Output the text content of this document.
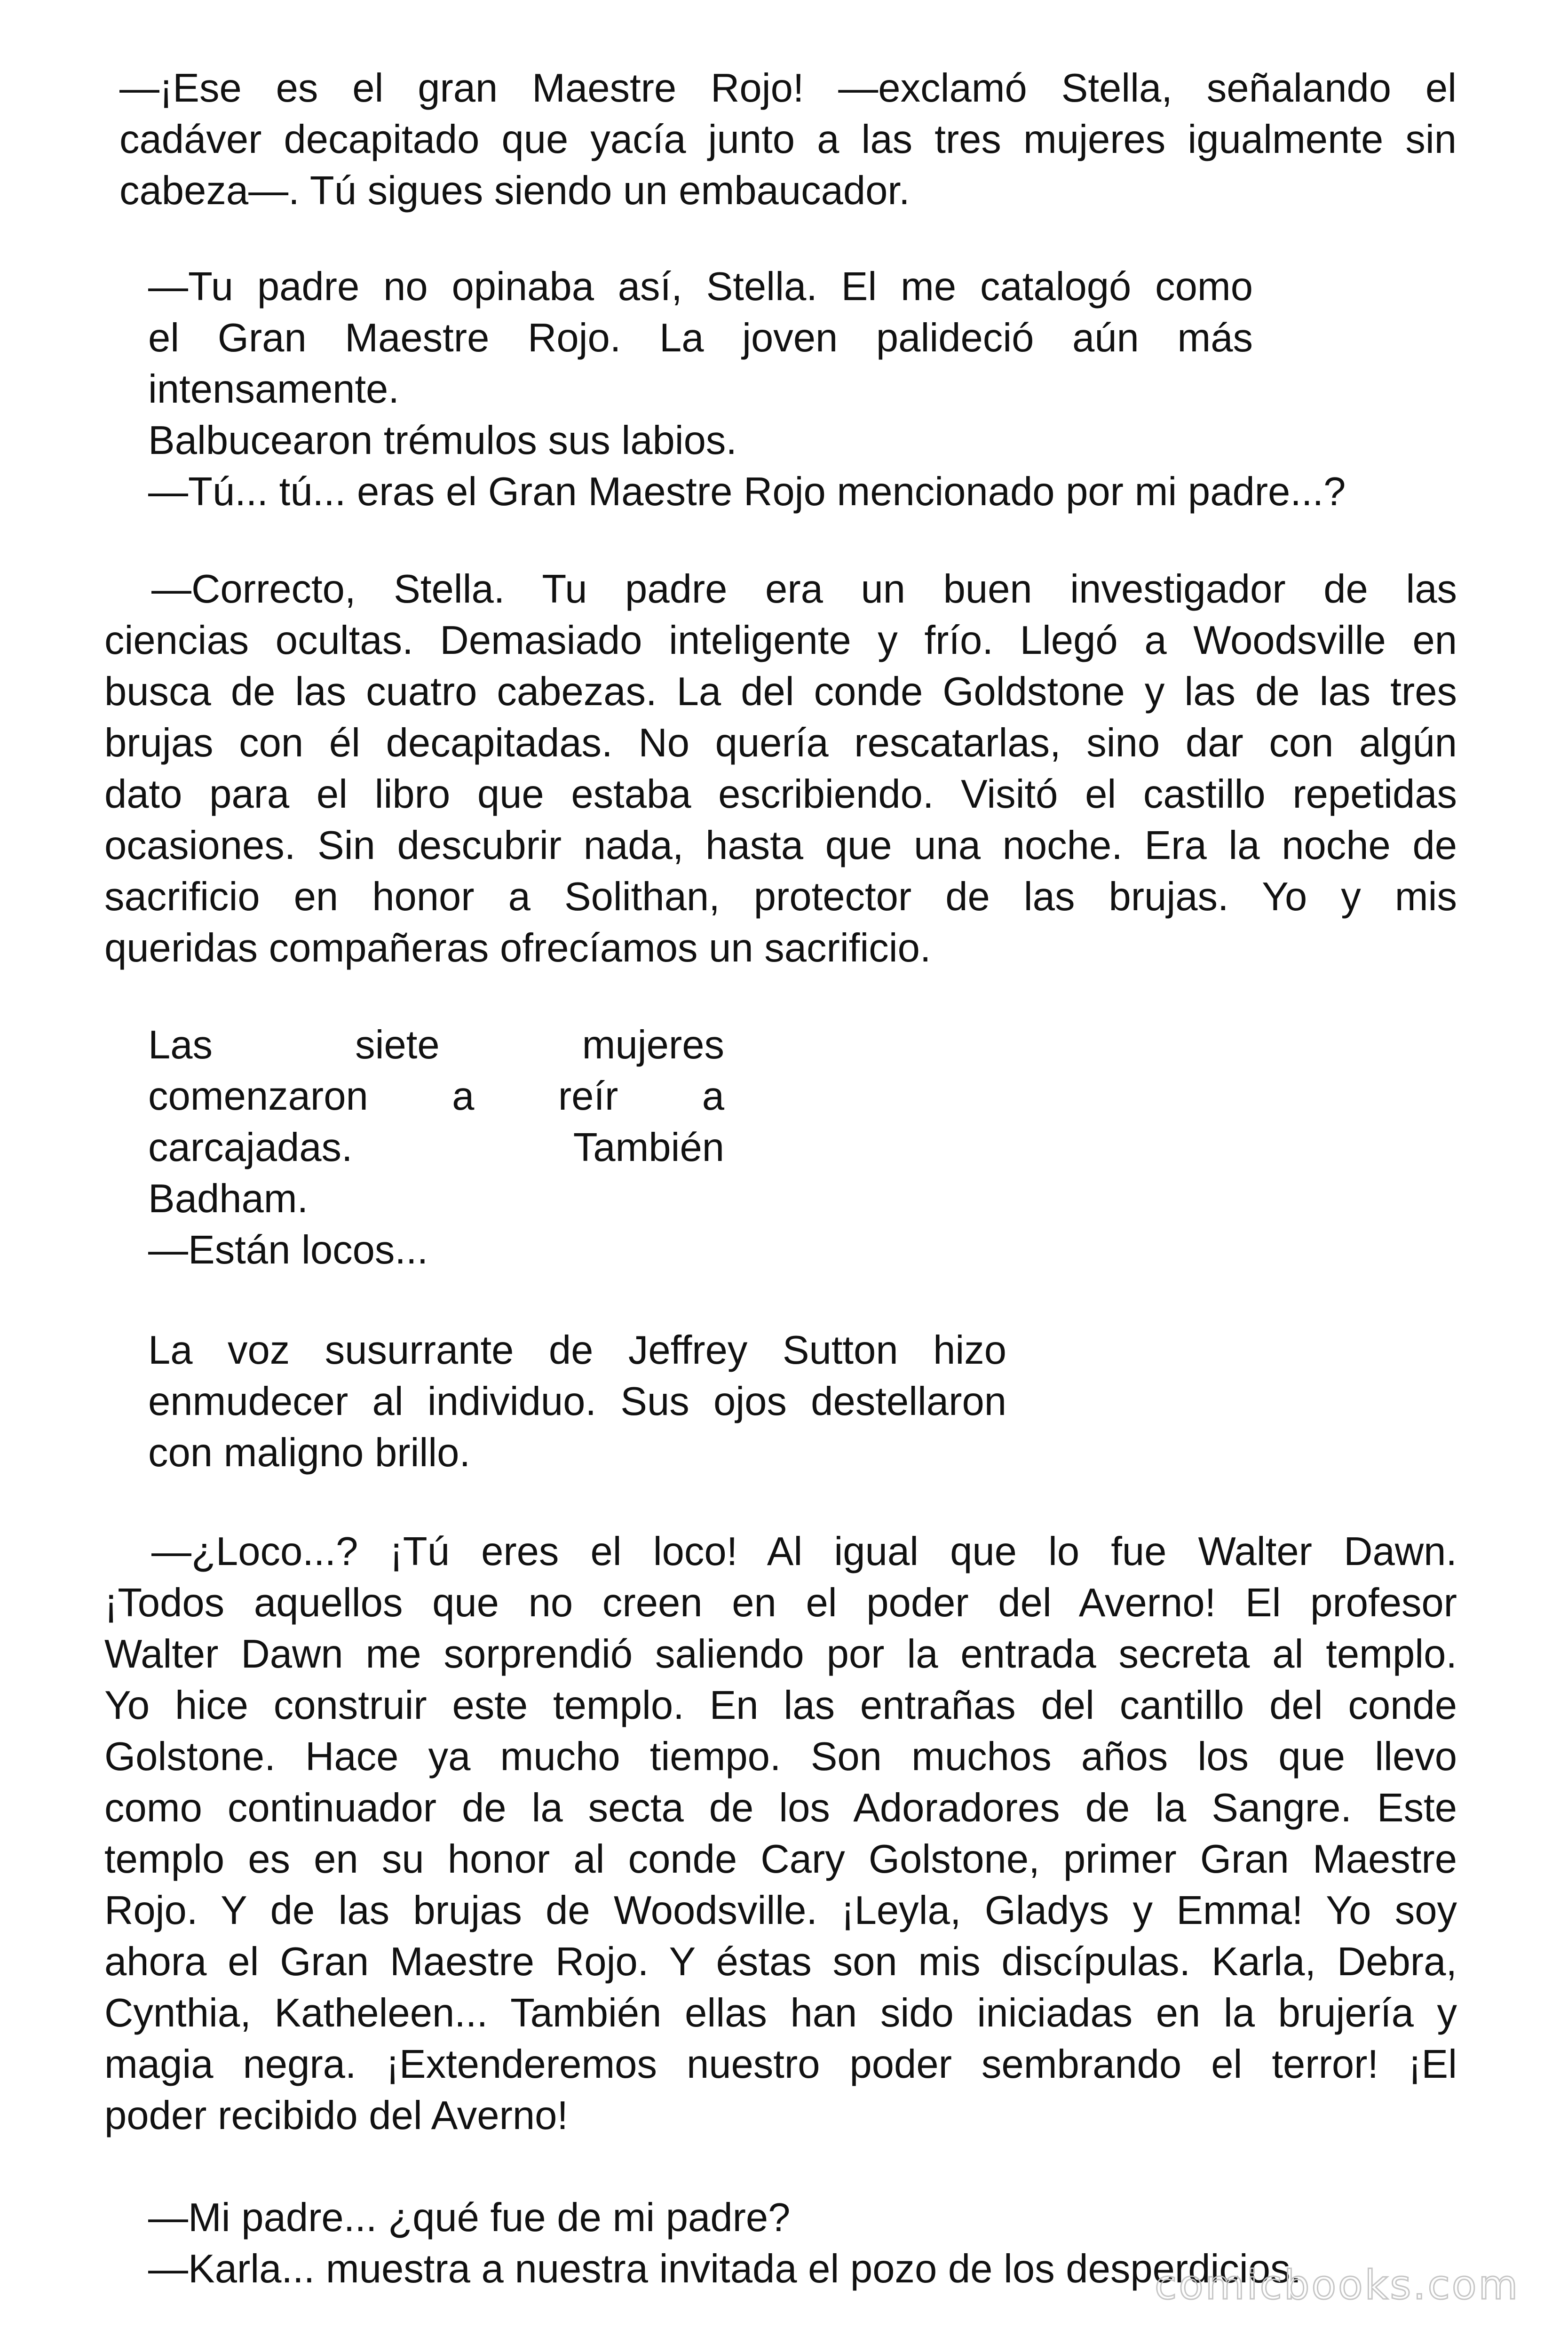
—¡Ese es el gran Maestre Rojo! —exclamó Stella, señalando el

cadáver decapitado que yacía junto a las tres mujeres igualmente sin

cabeza—. Tú sigues siendo un embaucador.

—Tu padre no opinaba así, Stella. El me catalogó como

el Gran Maestre Rojo. La joven palideció aún más

intensamente.

Balbucearon trémulos sus labios.

—Tú... tú... eras el Gran Maestre Rojo mencionado por mi padre...?

—Correcto, Stella. Tu padre era un buen investigador de las

ciencias ocultas. Demasiado inteligente y frío. Llegó a Woodsville en

busca de las cuatro cabezas. La del conde Goldstone y las de las tres

brujas con él decapitadas. No quería rescatarlas, sino dar con algún

dato para el libro que estaba escribiendo. Visitó el castillo repetidas

ocasiones. Sin descubrir nada, hasta que una noche. Era la noche de

sacrificio en honor a Solithan, protector de las brujas. Yo y mis

queridas compañeras ofrecíamos un sacrificio.

Las siete mujeres

comenzaron a reír a

carcajadas. También

Badham.

—Están locos...

La voz susurrante de Jeffrey Sutton hizo

enmudecer al individuo. Sus ojos destellaron

con maligno brillo.

—¿Loco...? ¡Tú eres el loco! Al igual que lo fue Walter Dawn.

¡Todos aquellos que no creen en el poder del Averno! El profesor

Walter Dawn me sorprendió saliendo por la entrada secreta al templo.

Yo hice construir este templo. En las entrañas del cantillo del conde

Golstone. Hace ya mucho tiempo. Son muchos años los que llevo

como continuador de la secta de los Adoradores de la Sangre. Este

templo es en su honor al conde Cary Golstone, primer Gran Maestre

Rojo. Y de las brujas de Woodsville. ¡Leyla, Gladys y Emma! Yo soy

ahora el Gran Maestre Rojo. Y éstas son mis discípulas. Karla, Debra,

Cynthia, Katheleen... También ellas han sido iniciadas en la brujería y

magia negra. ¡Extenderemos nuestro poder sembrando el terror! ¡El

poder recibido del Averno!

—Mi padre... ¿qué fue de mi padre?

—Karla... muestra a nuestra invitada el pozo de los desperdicios.

comicbooks.com
